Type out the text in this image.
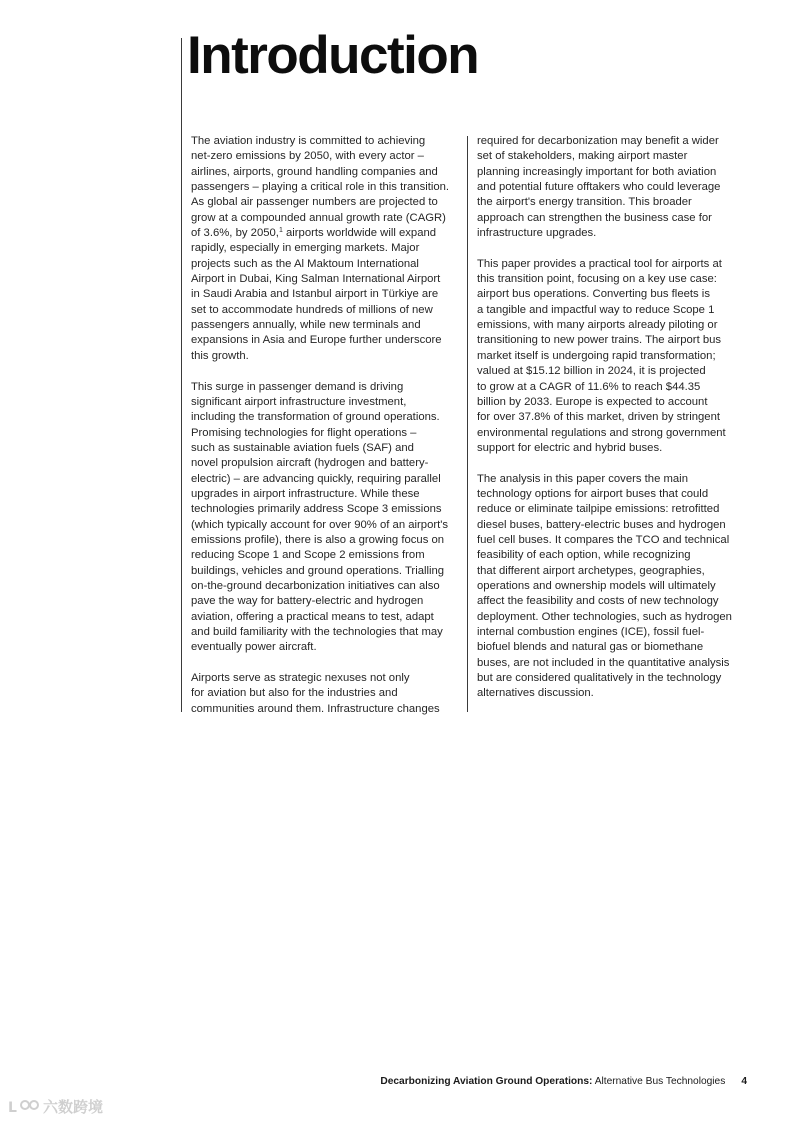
Introduction

The aviation industry is committed to achieving
net-zero emissions by 2050, with every actor –
airlines, airports, ground handling companies and
passengers – playing a critical role in this transition.
As global air passenger numbers are projected to
grow at a compounded annual growth rate (CAGR)
of 3.6%, by 2050,$^1$ airports worldwide will expand
rapidly, especially in emerging markets. Major
projects such as the Al Maktoum International
Airport in Dubai, King Salman International Airport
in Saudi Arabia and Istanbul airport in Türkiye are
set to accommodate hundreds of millions of new
passengers annually, while new terminals and
expansions in Asia and Europe further underscore
this growth.

This surge in passenger demand is driving
significant airport infrastructure investment,
including the transformation of ground operations.
Promising technologies for flight operations –
such as sustainable aviation fuels (SAF) and
novel propulsion aircraft (hydrogen and battery-
electric) – are advancing quickly, requiring parallel
upgrades in airport infrastructure. While these
technologies primarily address Scope 3 emissions
(which typically account for over 90% of an airport's
emissions profile), there is also a growing focus on
reducing Scope 1 and Scope 2 emissions from
buildings, vehicles and ground operations. Trialling
on-the-ground decarbonization initiatives can also
pave the way for battery-electric and hydrogen
aviation, offering a practical means to test, adapt
and build familiarity with the technologies that may
eventually power aircraft.

Airports serve as strategic nexuses not only
for aviation but also for the industries and
communities around them. Infrastructure changes

required for decarbonization may benefit a wider
set of stakeholders, making airport master
planning increasingly important for both aviation
and potential future offtakers who could leverage
the airport's energy transition. This broader
approach can strengthen the business case for
infrastructure upgrades.

This paper provides a practical tool for airports at
this transition point, focusing on a key use case:
airport bus operations. Converting bus fleets is
a tangible and impactful way to reduce Scope 1
emissions, with many airports already piloting or
transitioning to new power trains. The airport bus
market itself is undergoing rapid transformation;
valued at $15.12 billion in 2024, it is projected
to grow at a CAGR of 11.6% to reach $44.35
billion by 2033. Europe is expected to account
for over 37.8% of this market, driven by stringent
environmental regulations and strong government
support for electric and hybrid buses.

The analysis in this paper covers the main
technology options for airport buses that could
reduce or eliminate tailpipe emissions: retrofitted
diesel buses, battery-electric buses and hydrogen
fuel cell buses. It compares the TCO and technical
feasibility of each option, while recognizing
that different airport archetypes, geographies,
operations and ownership models will ultimately
affect the feasibility and costs of new technology
deployment. Other technologies, such as hydrogen
internal combustion engines (ICE), fossil fuel-
biofuel blends and natural gas or biomethane
buses, are not included in the quantitative analysis
but are considered qualitatively in the technology
alternatives discussion.

Decarbonizing Aviation Ground Operations: Alternative Bus Technologies 4
L 六数跨境
